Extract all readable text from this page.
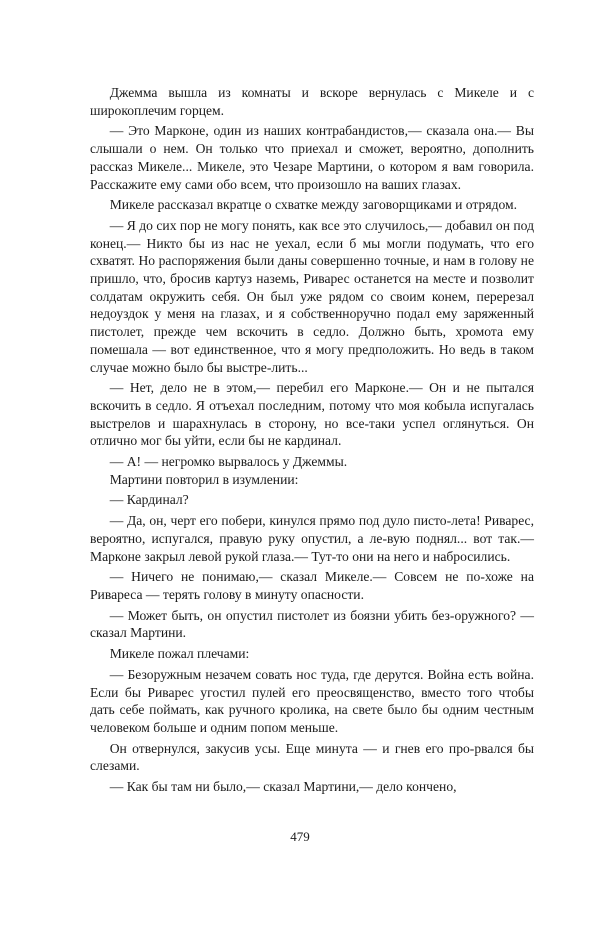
Джемма вышла из комнаты и вскоре вернулась с Микеле и с широкоплечим горцем.

— Это Марконе, один из наших контрабандистов,— сказала она.— Вы слышали о нем. Он только что приехал и сможет, вероятно, дополнить рассказ Микеле... Микеле, это Чезаре Мартини, о котором я вам говорила. Расскажите ему сами обо всем, что произошло на ваших глазах.

Микеле рассказал вкратце о схватке между заговорщиками и отрядом.

— Я до сих пор не могу понять, как все это случилось,— добавил он под конец.— Никто бы из нас не уехал, если б мы могли подумать, что его схватят. Но распоряжения были даны совершенно точные, и нам в голову не пришло, что, бросив картуз наземь, Риварес останется на месте и позволит солдатам окружить себя. Он был уже рядом со своим конем, перерезал недоуздок у меня на глазах, и я собственноручно подал ему заряженный пистолет, прежде чем вскочить в седло. Должно быть, хромота ему помешала — вот единственное, что я могу предположить. Но ведь в таком случае можно было бы выстре-лить...

— Нет, дело не в этом,— перебил его Марконе.— Он и не пытался вскочить в седло. Я отъехал последним, потому что моя кобыла испугалась выстрелов и шарахнулась в сторону, но все-таки успел оглянуться. Он отлично мог бы уйти, если бы не кардинал.

— А! — негромко вырвалось у Джеммы.

Мартини повторил в изумлении:

— Кардинал?

— Да, он, черт его побери, кинулся прямо под дуло писто-лета! Риварес, вероятно, испугался, правую руку опустил, а ле-вую поднял... вот так.— Марконе закрыл левой рукой глаза.— Тут-то они на него и набросились.

— Ничего не понимаю,— сказал Микеле.— Совсем не по-хоже на Ривареса — терять голову в минуту опасности.

— Может быть, он опустил пистолет из боязни убить без-оружного? — сказал Мартини.

Микеле пожал плечами:

— Безоружным незачем совать нос туда, где дерутся. Война есть война. Если бы Риварес угостил пулей его преосвященство, вместо того чтобы дать себе поймать, как ручного кролика, на свете было бы одним честным человеком больше и одним попом меньше.

Он отвернулся, закусив усы. Еще минута — и гнев его про-рвался бы слезами.

— Как бы там ни было,— сказал Мартини,— дело кончено,

479
